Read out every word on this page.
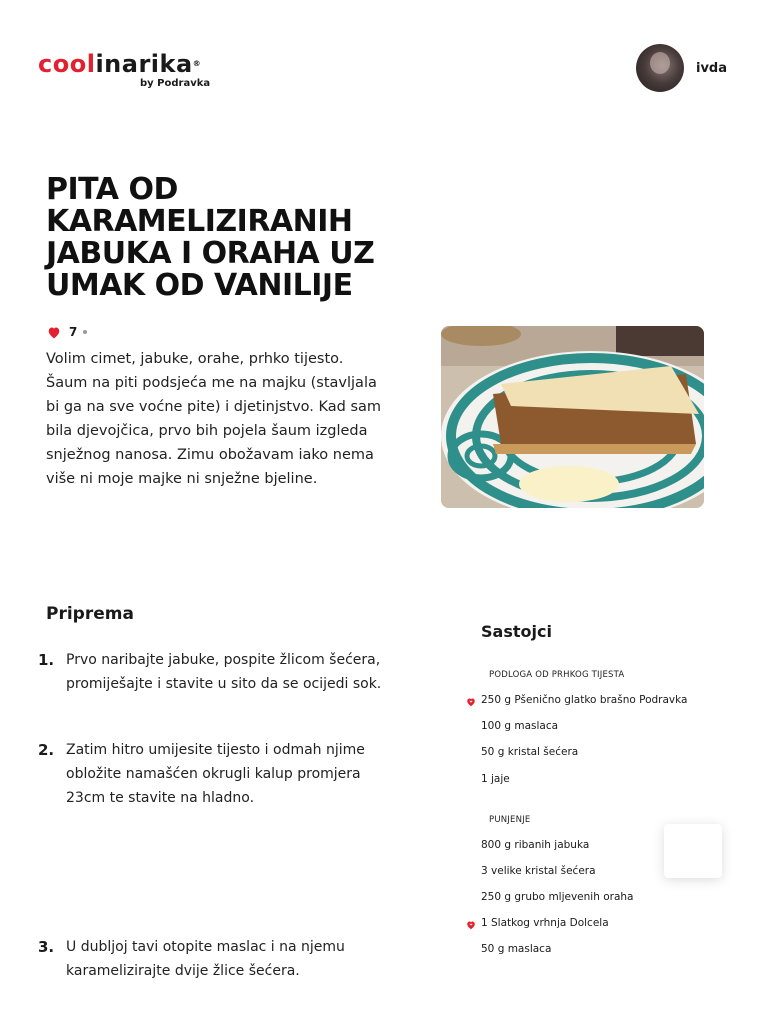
coolinarika®
by Podravka
ivda
PITA OD KARAMELIZIRANIH JABUKA I ORAHA UZ UMAK OD VANILIJE
7

Volim cimet, jabuke, orahe, prhko tijesto. Šaum na piti podsjeća me na majku (stavljala bi ga na sve voćne pite) i djetinjstvo. Kad sam bila djevojčica, prvo bih pojela šaum izgleda snježnog nanosa. Zimu obožavam iako nema više ni moje majke ni snježne bjeline.

Priprema
1. Prvo naribajte jabuke, pospite žlicom šećera, promiješajte i stavite u sito da se ocijedi sok.
2. Zatim hitro umijesite tijesto i odmah njime obložite namašćen okrugli kalup promjera 23cm te stavite na hladno.
3. U dubljoj tavi otopite maslac i na njemu karamelizirajte dvije žlice šećera.
Sastojci
PODLOGA OD PRHKOG TIJESTA
250 g Pšenično glatko brašno Podravka
100 g maslaca
50 g kristal šećera
1 jaje
PUNJENJE
800 g ribanih jabuka
3 velike kristal šećera
250 g grubo mljevenih oraha
1 Slatkog vrhnja Dolcela
50 g maslaca
